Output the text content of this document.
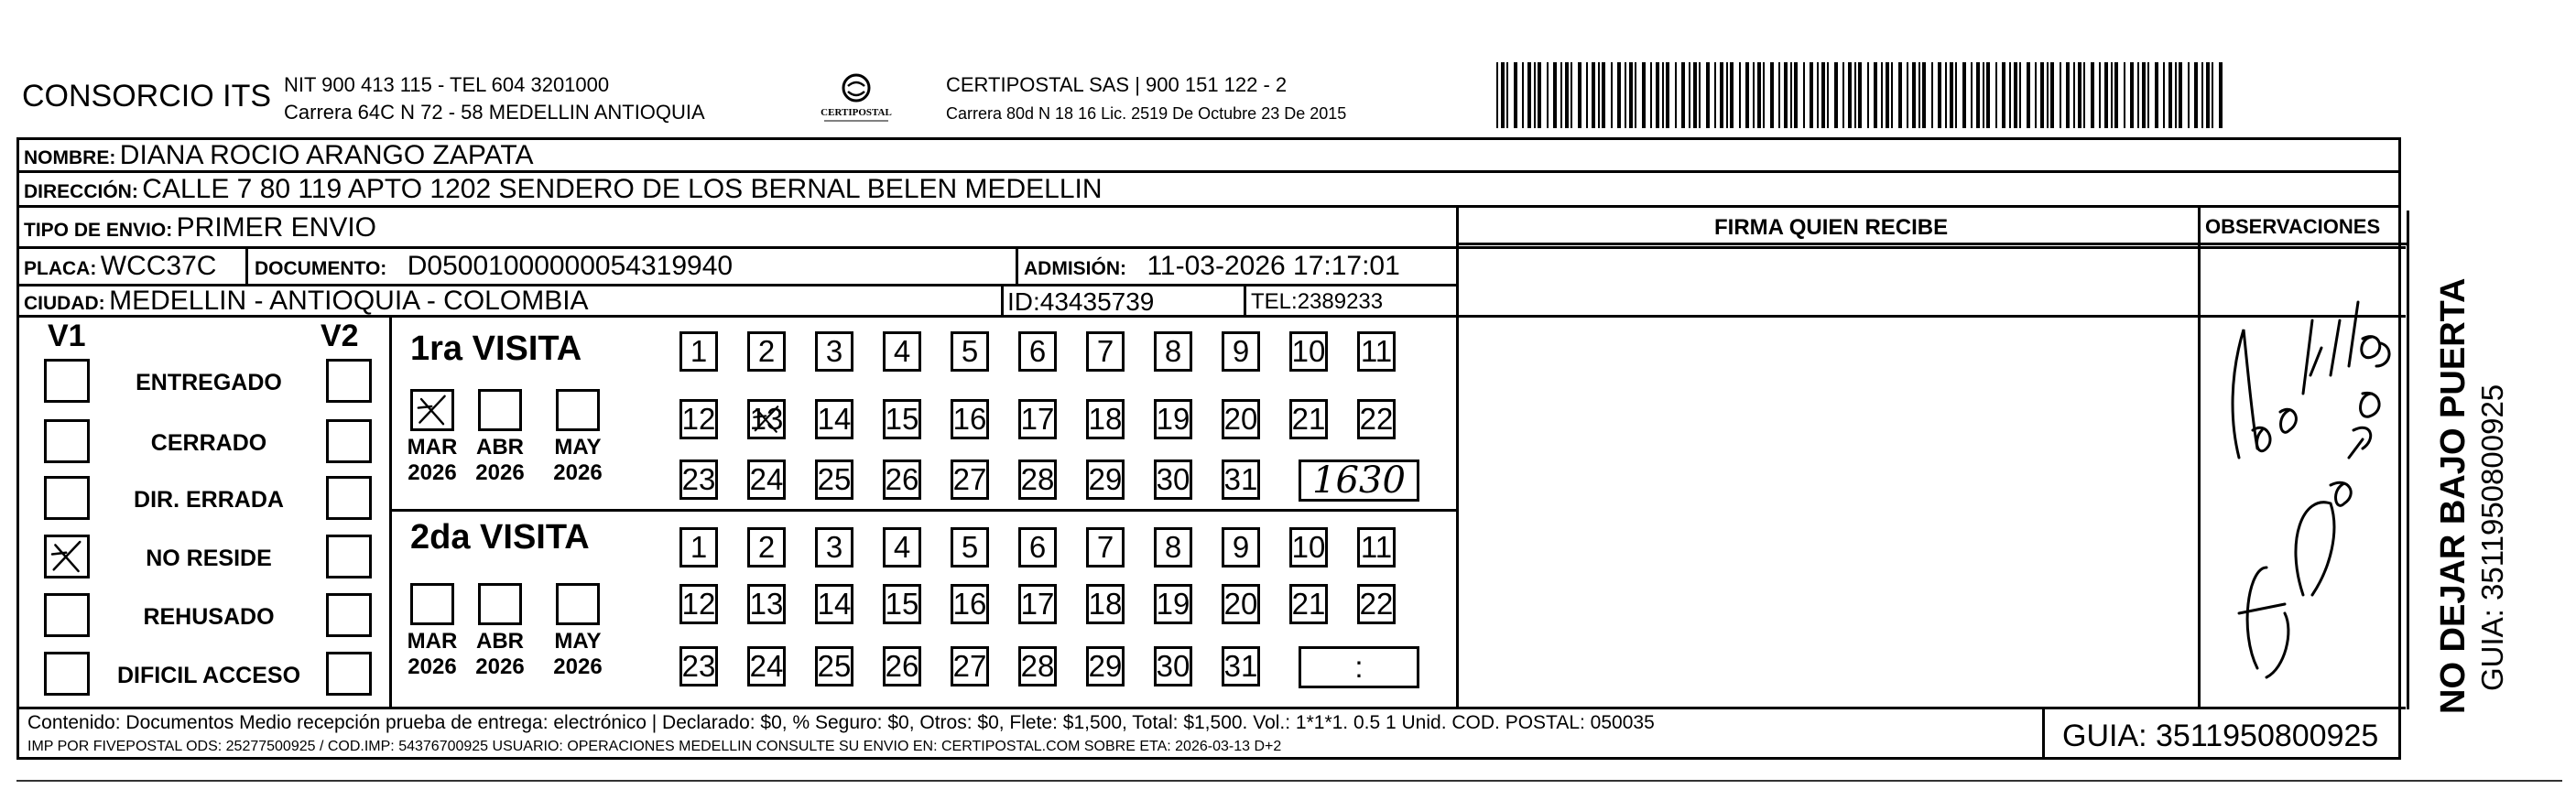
CONSORCIO ITS NIT 900 413 115 - TEL 604 3201000
Carrera 64C N 72 - 58 MEDELLIN ANTIOQUIA	CERTIPOSTAL
CERTIPOSTAL SAS | 900 151 122 - 2
Carrera 80d N 18 16 Lic. 2519 De Octubre 23 De 2015
NOMBRE: DIANA ROCIO ARANGO ZAPATA
DIRECCIÓN: CALLE 7 80 119 APTO 1202 SENDERO DE LOS BERNAL BELEN MEDELLIN
TIPO DE ENVIO: PRIMER ENVIO
PLACA: WCC37C DOCUMENTO: D05001000000054319940	ADMISIÓN: 11-03-2026 17:17:01
CIUDAD: MEDELLIN - ANTIOQUIA - COLOMBIA	ID:43435739	TEL:2389233
FIRMA QUIEN RECIBE	OBSERVACIONES
V1	V2
ENTREGADO
CERRADO
DIR. ERRADA
NO RESIDE
REHUSADO
DIFICIL ACCESO
1ra VISITA
MAR
2026
ABR
2026
MAY
2026
1 2 3 4 5 6 7 8 9 10 11
12 13 14 15 16 17 18 19 20 21 22
23 24 25 26 27 28 29 30 31 1630
2da VISITA
MAR
2026
ABR
2026
MAY
2026
1 2 3 4 5 6 7 8 9 10 11
12 13 14 15 16 17 18 19 20 21 22
23 24 25 26 27 28 29 30 31	:
Contenido: Documentos Medio recepción prueba de entrega: electrónico | Declarado: $0, % Seguro: $0, Otros: $0, Flete: $1,500, Total: $1,500. Vol.: 1*1*1. 0.5 1 Unid. COD. POSTAL: 050035
IMP POR FIVEPOSTAL ODS: 25277500925 / COD.IMP: 54376700925 USUARIO: OPERACIONES MEDELLIN CONSULTE SU ENVIO EN: CERTIPOSTAL.COM SOBRE ETA: 2026-03-13 D+2	GUIA: 3511950800925
NO DEJAR BAJO PUERTA GUIA: 3511950800925
